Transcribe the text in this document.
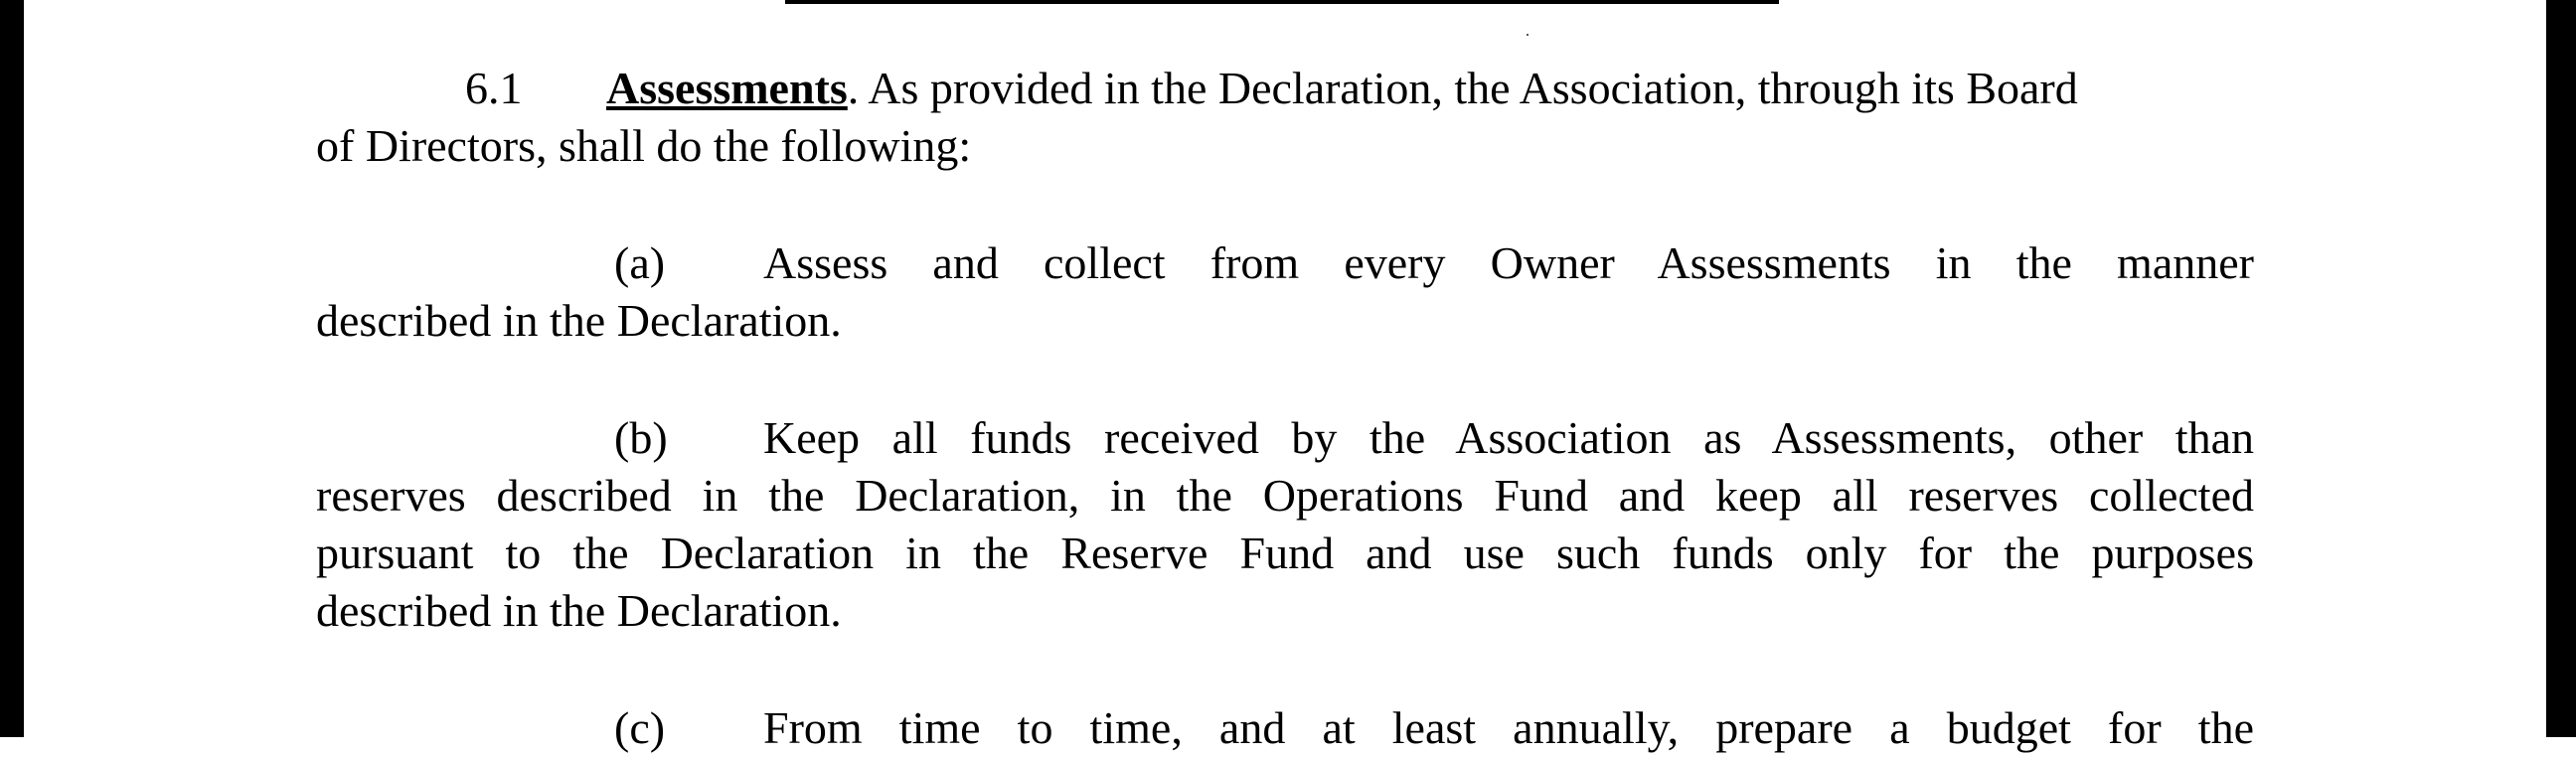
6.1 Assessments. As provided in the Declaration, the Association, through its Board
of Directors, shall do the following:

(a) Assess and collect from every Owner Assessments in the manner
described in the Declaration.

(b) Keep all funds received by the Association as Assessments, other than
reserves described in the Declaration, in the Operations Fund and keep all reserves collected
pursuant to the Declaration in the Reserve Fund and use such funds only for the purposes
described in the Declaration.

(c) From time to time, and at least annually, prepare a budget for the
